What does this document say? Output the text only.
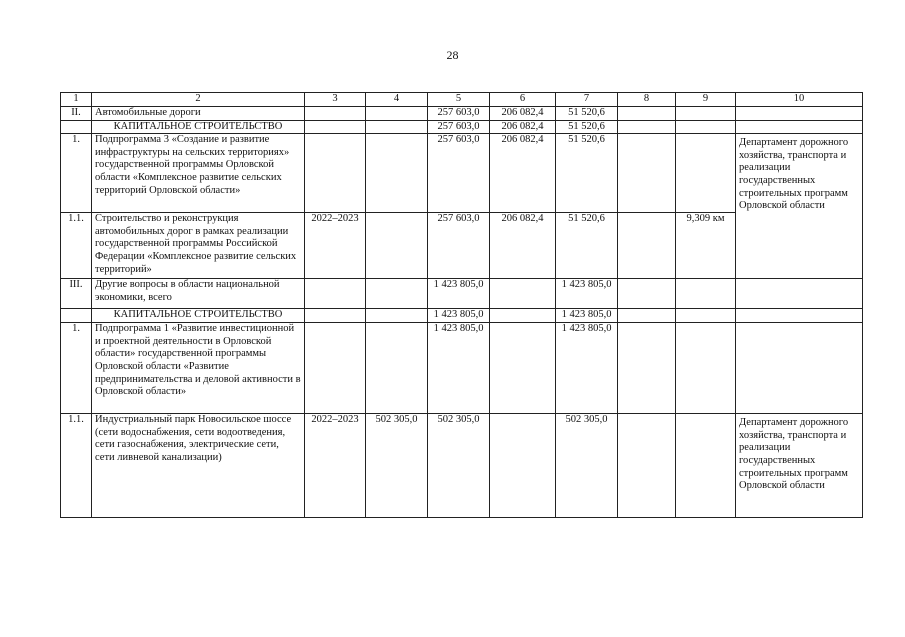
28
1	2	3	4	5	6	7	8	9	10
II.	Автомобильные дороги			257 603,0	206 082,4	51 520,6			
	КАПИТАЛЬНОЕ СТРОИТЕЛЬСТВО			257 603,0	206 082,4	51 520,6			
1.	Подпрограмма 3 «Создание и развитие инфраструктуры на сельских территориях» государственной программы Орловской области «Комплексное развитие сельских территорий Орловской области»			257 603,0	206 082,4	51 520,6			Департамент дорожного хозяйства, транспорта и реализации государственных строительных программ Орловской области
1.1.	Строительство и реконструкция автомобильных дорог в рамках реализации государственной программы Российской Федерации «Комплексное развитие сельских территорий»	2022–2023		257 603,0	206 082,4	51 520,6		9,309 км	
III.	Другие вопросы в области национальной экономики, всего			1 423 805,0		1 423 805,0			
	КАПИТАЛЬНОЕ СТРОИТЕЛЬСТВО			1 423 805,0		1 423 805,0			
1.	Подпрограмма 1 «Развитие инвестиционной и проектной деятельности в Орловской области» государственной программы Орловской области «Развитие предпринимательства и деловой активности в Орловской области»			1 423 805,0		1 423 805,0			
1.1.	Индустриальный парк Новосильское шоссе (сети водоснабжения, сети водоотведения, сети газоснабжения, электрические сети, сети ливневой канализации)	2022–2023	502 305,0	502 305,0		502 305,0			Департамент дорожного хозяйства, транспорта и реализации государственных строительных программ Орловской области
